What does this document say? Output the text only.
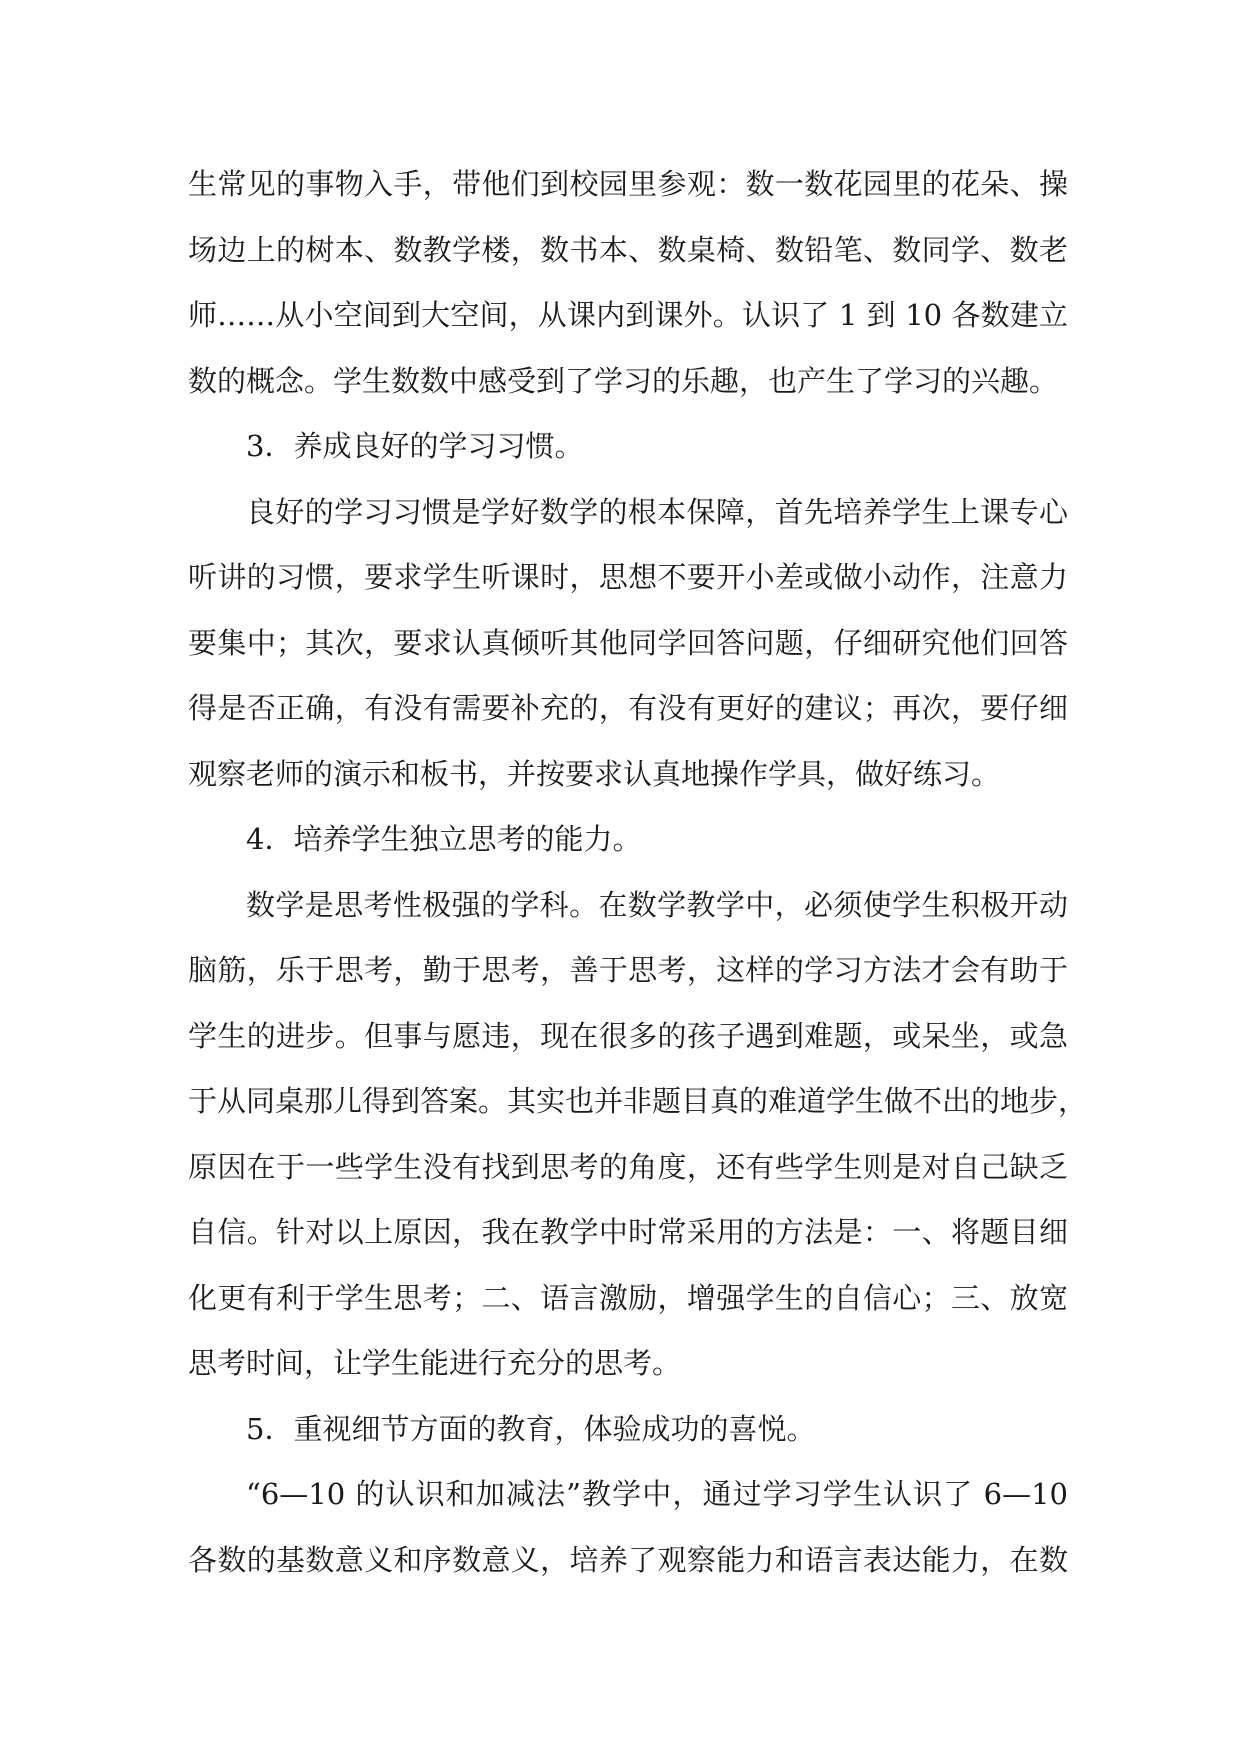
生常见的事物入手，带他们到校园里参观：数一数花园里的花朵、操
场边上的树本、数教学楼，数书本、数桌椅、数铅笔、数同学、数老
师……从小空间到大空间，从课内到课外。认识了 1 到 10 各数建立
数的概念。学生数数中感受到了学习的乐趣，也产生了学习的兴趣。
3．养成良好的学习习惯。
良好的学习习惯是学好数学的根本保障，首先培养学生上课专心
听讲的习惯，要求学生听课时，思想不要开小差或做小动作，注意力
要集中；其次，要求认真倾听其他同学回答问题，仔细研究他们回答
得是否正确，有没有需要补充的，有没有更好的建议；再次，要仔细
观察老师的演示和板书，并按要求认真地操作学具，做好练习。
4．培养学生独立思考的能力。
数学是思考性极强的学科。在数学教学中，必须使学生积极开动
脑筋，乐于思考，勤于思考，善于思考，这样的学习方法才会有助于
学生的进步。但事与愿违，现在很多的孩子遇到难题，或呆坐，或急
于从同桌那儿得到答案。其实也并非题目真的难道学生做不出的地步，
原因在于一些学生没有找到思考的角度，还有些学生则是对自己缺乏
自信。针对以上原因，我在教学中时常采用的方法是：一、将题目细
化更有利于学生思考；二、语言激励，增强学生的自信心；三、放宽
思考时间，让学生能进行充分的思考。
5．重视细节方面的教育，体验成功的喜悦。
“6—10 的认识和加减法”教学中，通过学习学生认识了 6—10
各数的基数意义和序数意义，培养了观察能力和语言表达能力，在数
